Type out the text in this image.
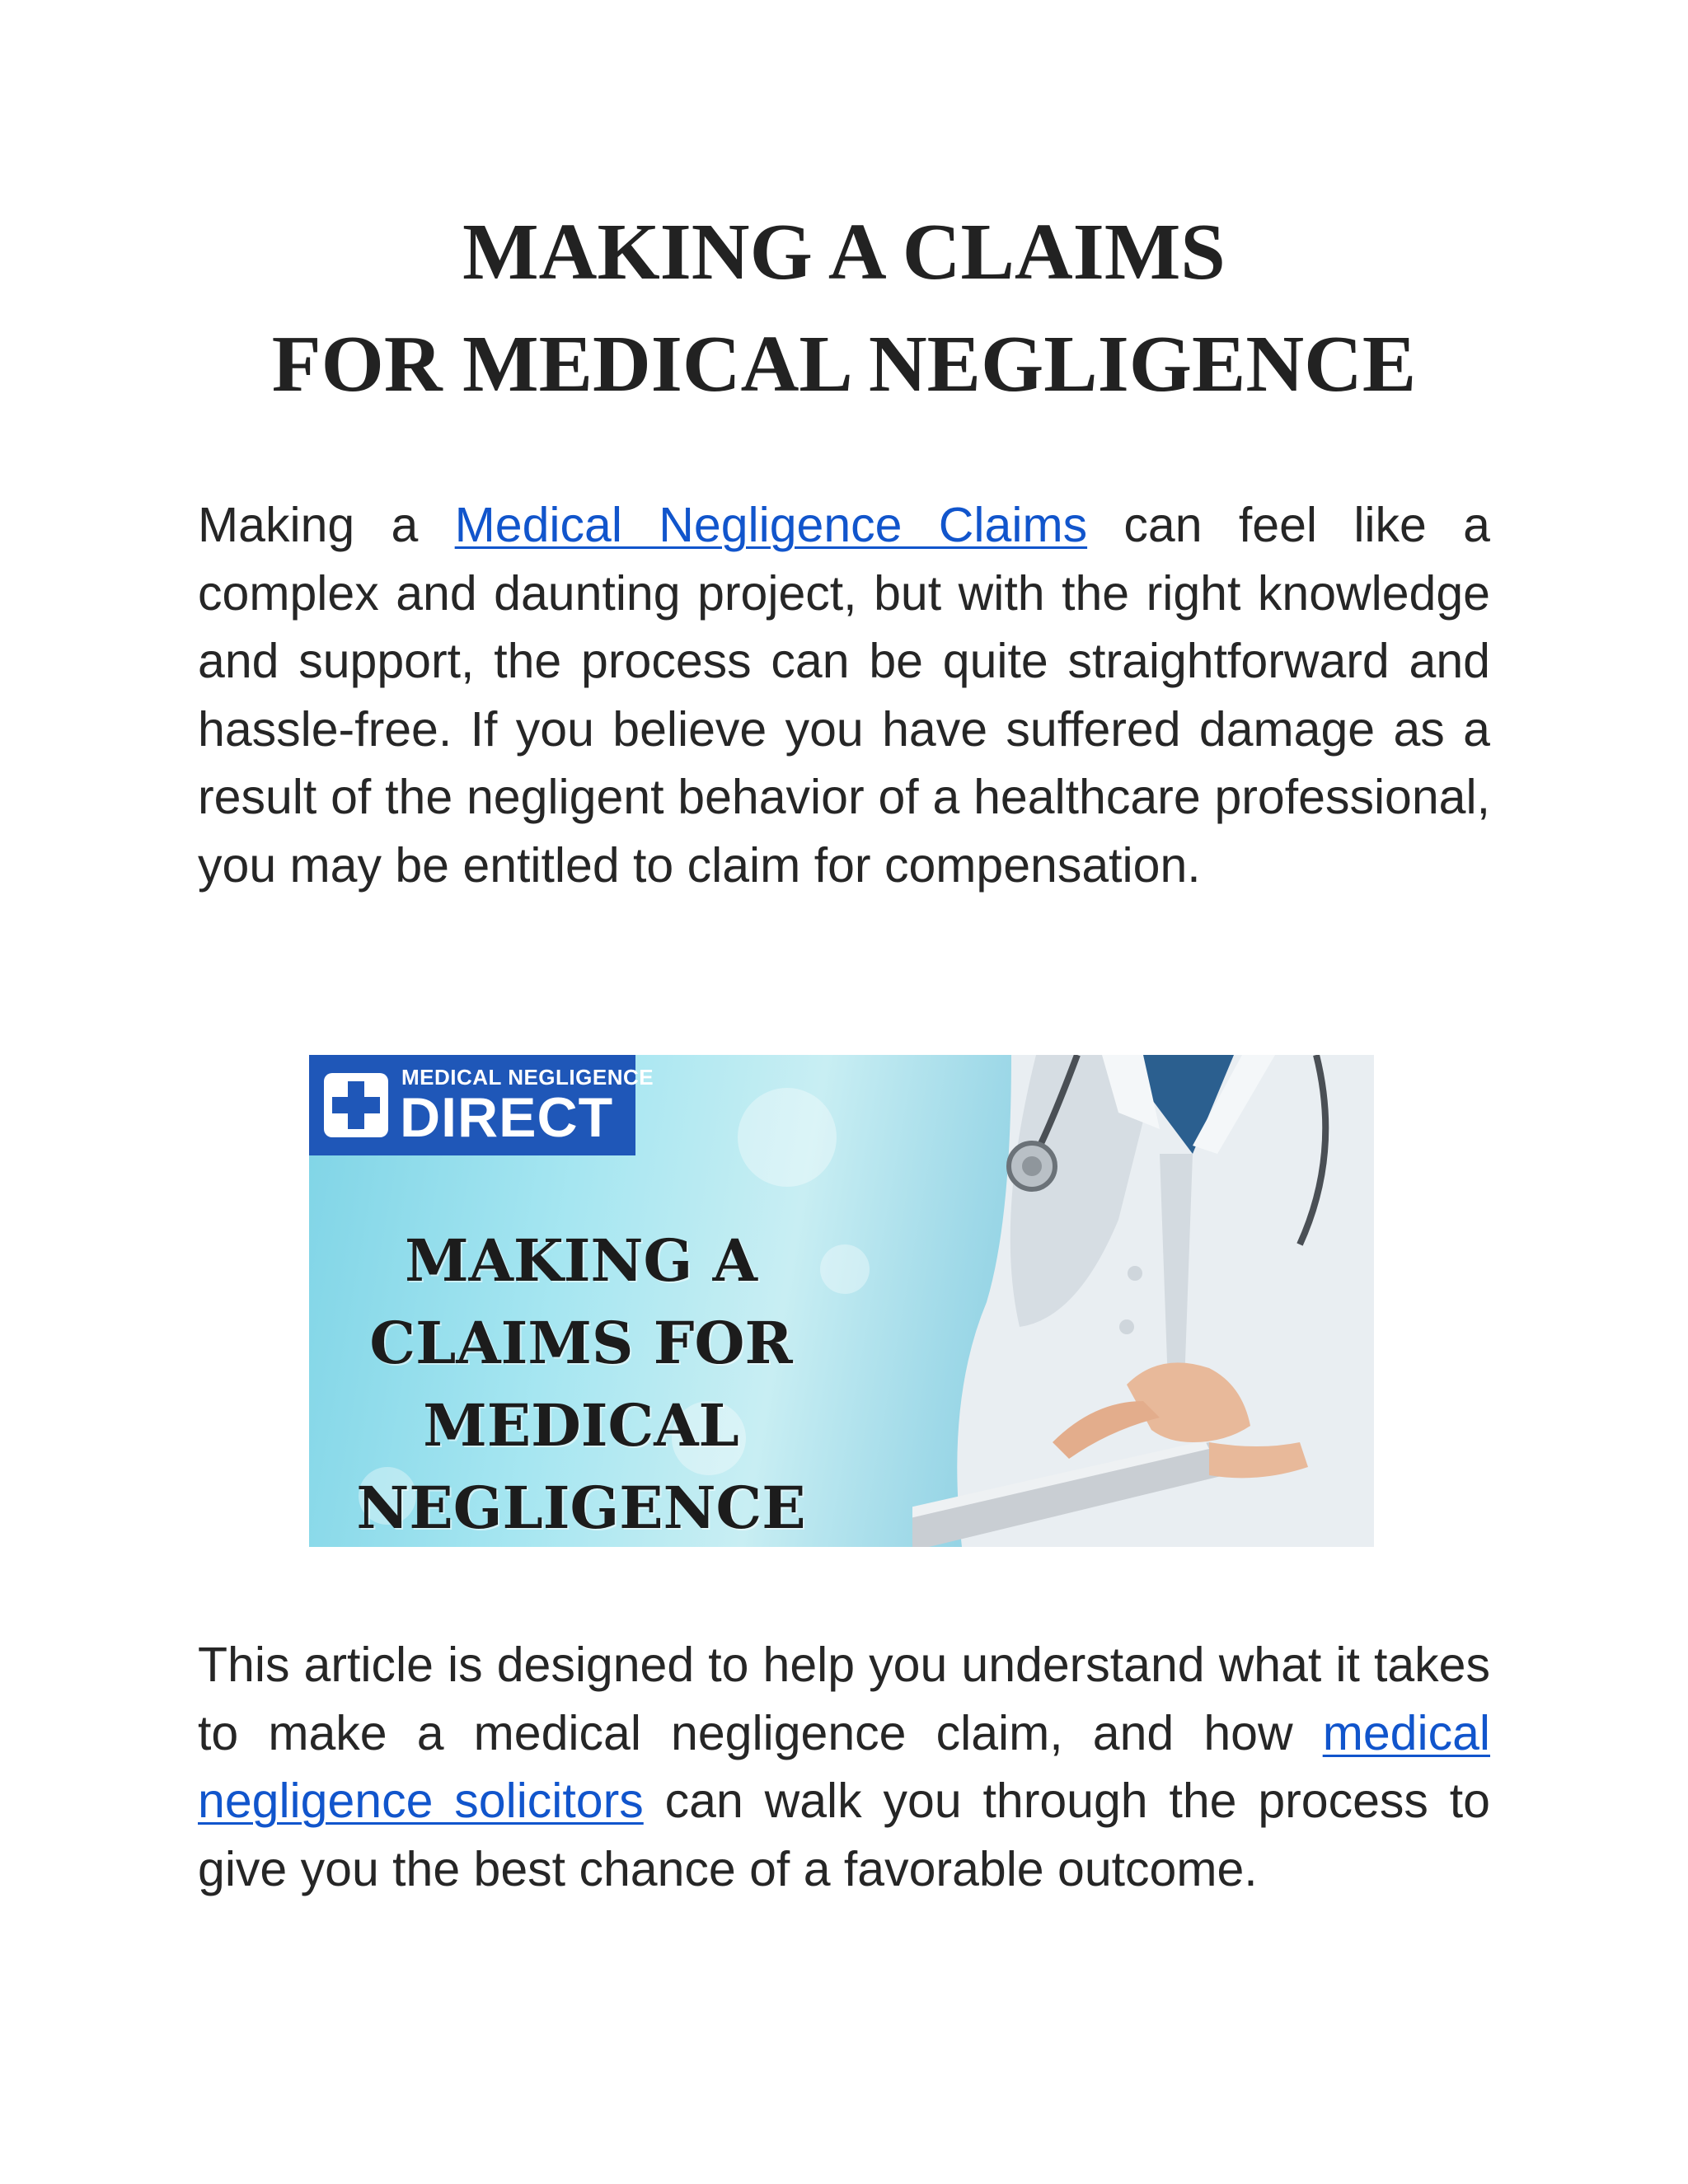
MAKING A CLAIMS
FOR MEDICAL NEGLIGENCE

Making a Medical Negligence Claims can feel like a complex and daunting project, but with the right knowledge and support, the process can be quite straightforward and hassle-free. If you believe you have suffered damage as a result of the negligent behavior of a healthcare professional, you may be entitled to claim for compensation.

MEDICAL NEGLIGENCE
DIRECT
MAKING A
CLAIMS FOR
MEDICAL
NEGLIGENCE

This article is designed to help you understand what it takes to make a medical negligence claim, and how medical negligence solicitors can walk you through the process to give you the best chance of a favorable outcome.
